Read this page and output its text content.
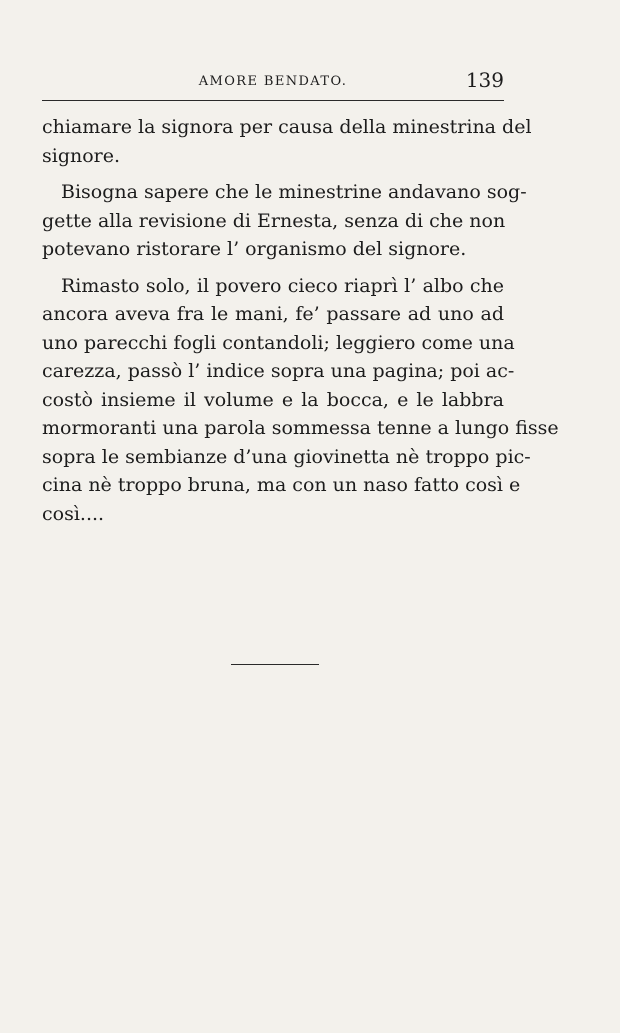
AMORE BENDATO.	139
chiamare la signora per causa della minestrina del
signore.
Bisogna sapere che le minestrine andavano sog-
gette alla revisione di Ernesta, senza di che non
potevano ristorare l’ organismo del signore.
Rimasto solo, il povero cieco riaprì l’ albo che
ancora aveva fra le mani, fe’ passare ad uno ad
uno parecchi fogli contandoli; leggiero come una
carezza, passò l’ indice sopra una pagina; poi ac-
costò insieme il volume e la bocca, e le labbra
mormoranti una parola sommessa tenne a lungo fisse
sopra le sembianze d’una giovinetta nè troppo pic-
cina nè troppo bruna, ma con un naso fatto così e
così....
